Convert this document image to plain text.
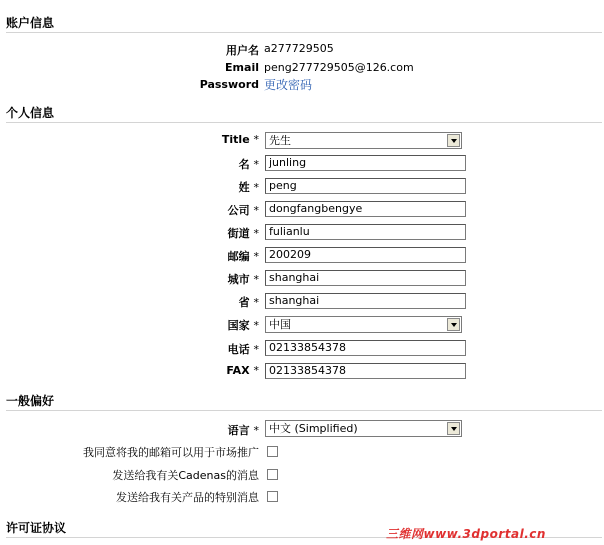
账户信息
用户名 a277729505
Email peng277729505@126.com
Password 更改密码
个人信息
Title * 先生
名 * junling
姓 * peng
公司 * dongfangbengye
街道 * fulianlu
邮编 * 200209
城市 * shanghai
省 * shanghai
国家 * 中国
电话 * 02133854378
FAX * 02133854378
一般偏好
语言 * 中文 (Simplified)
我同意将我的邮箱可以用于市场推广
发送给我有关Cadenas的消息
发送给我有关产品的特别消息
许可证协议	三维网www.3dportal.cn
